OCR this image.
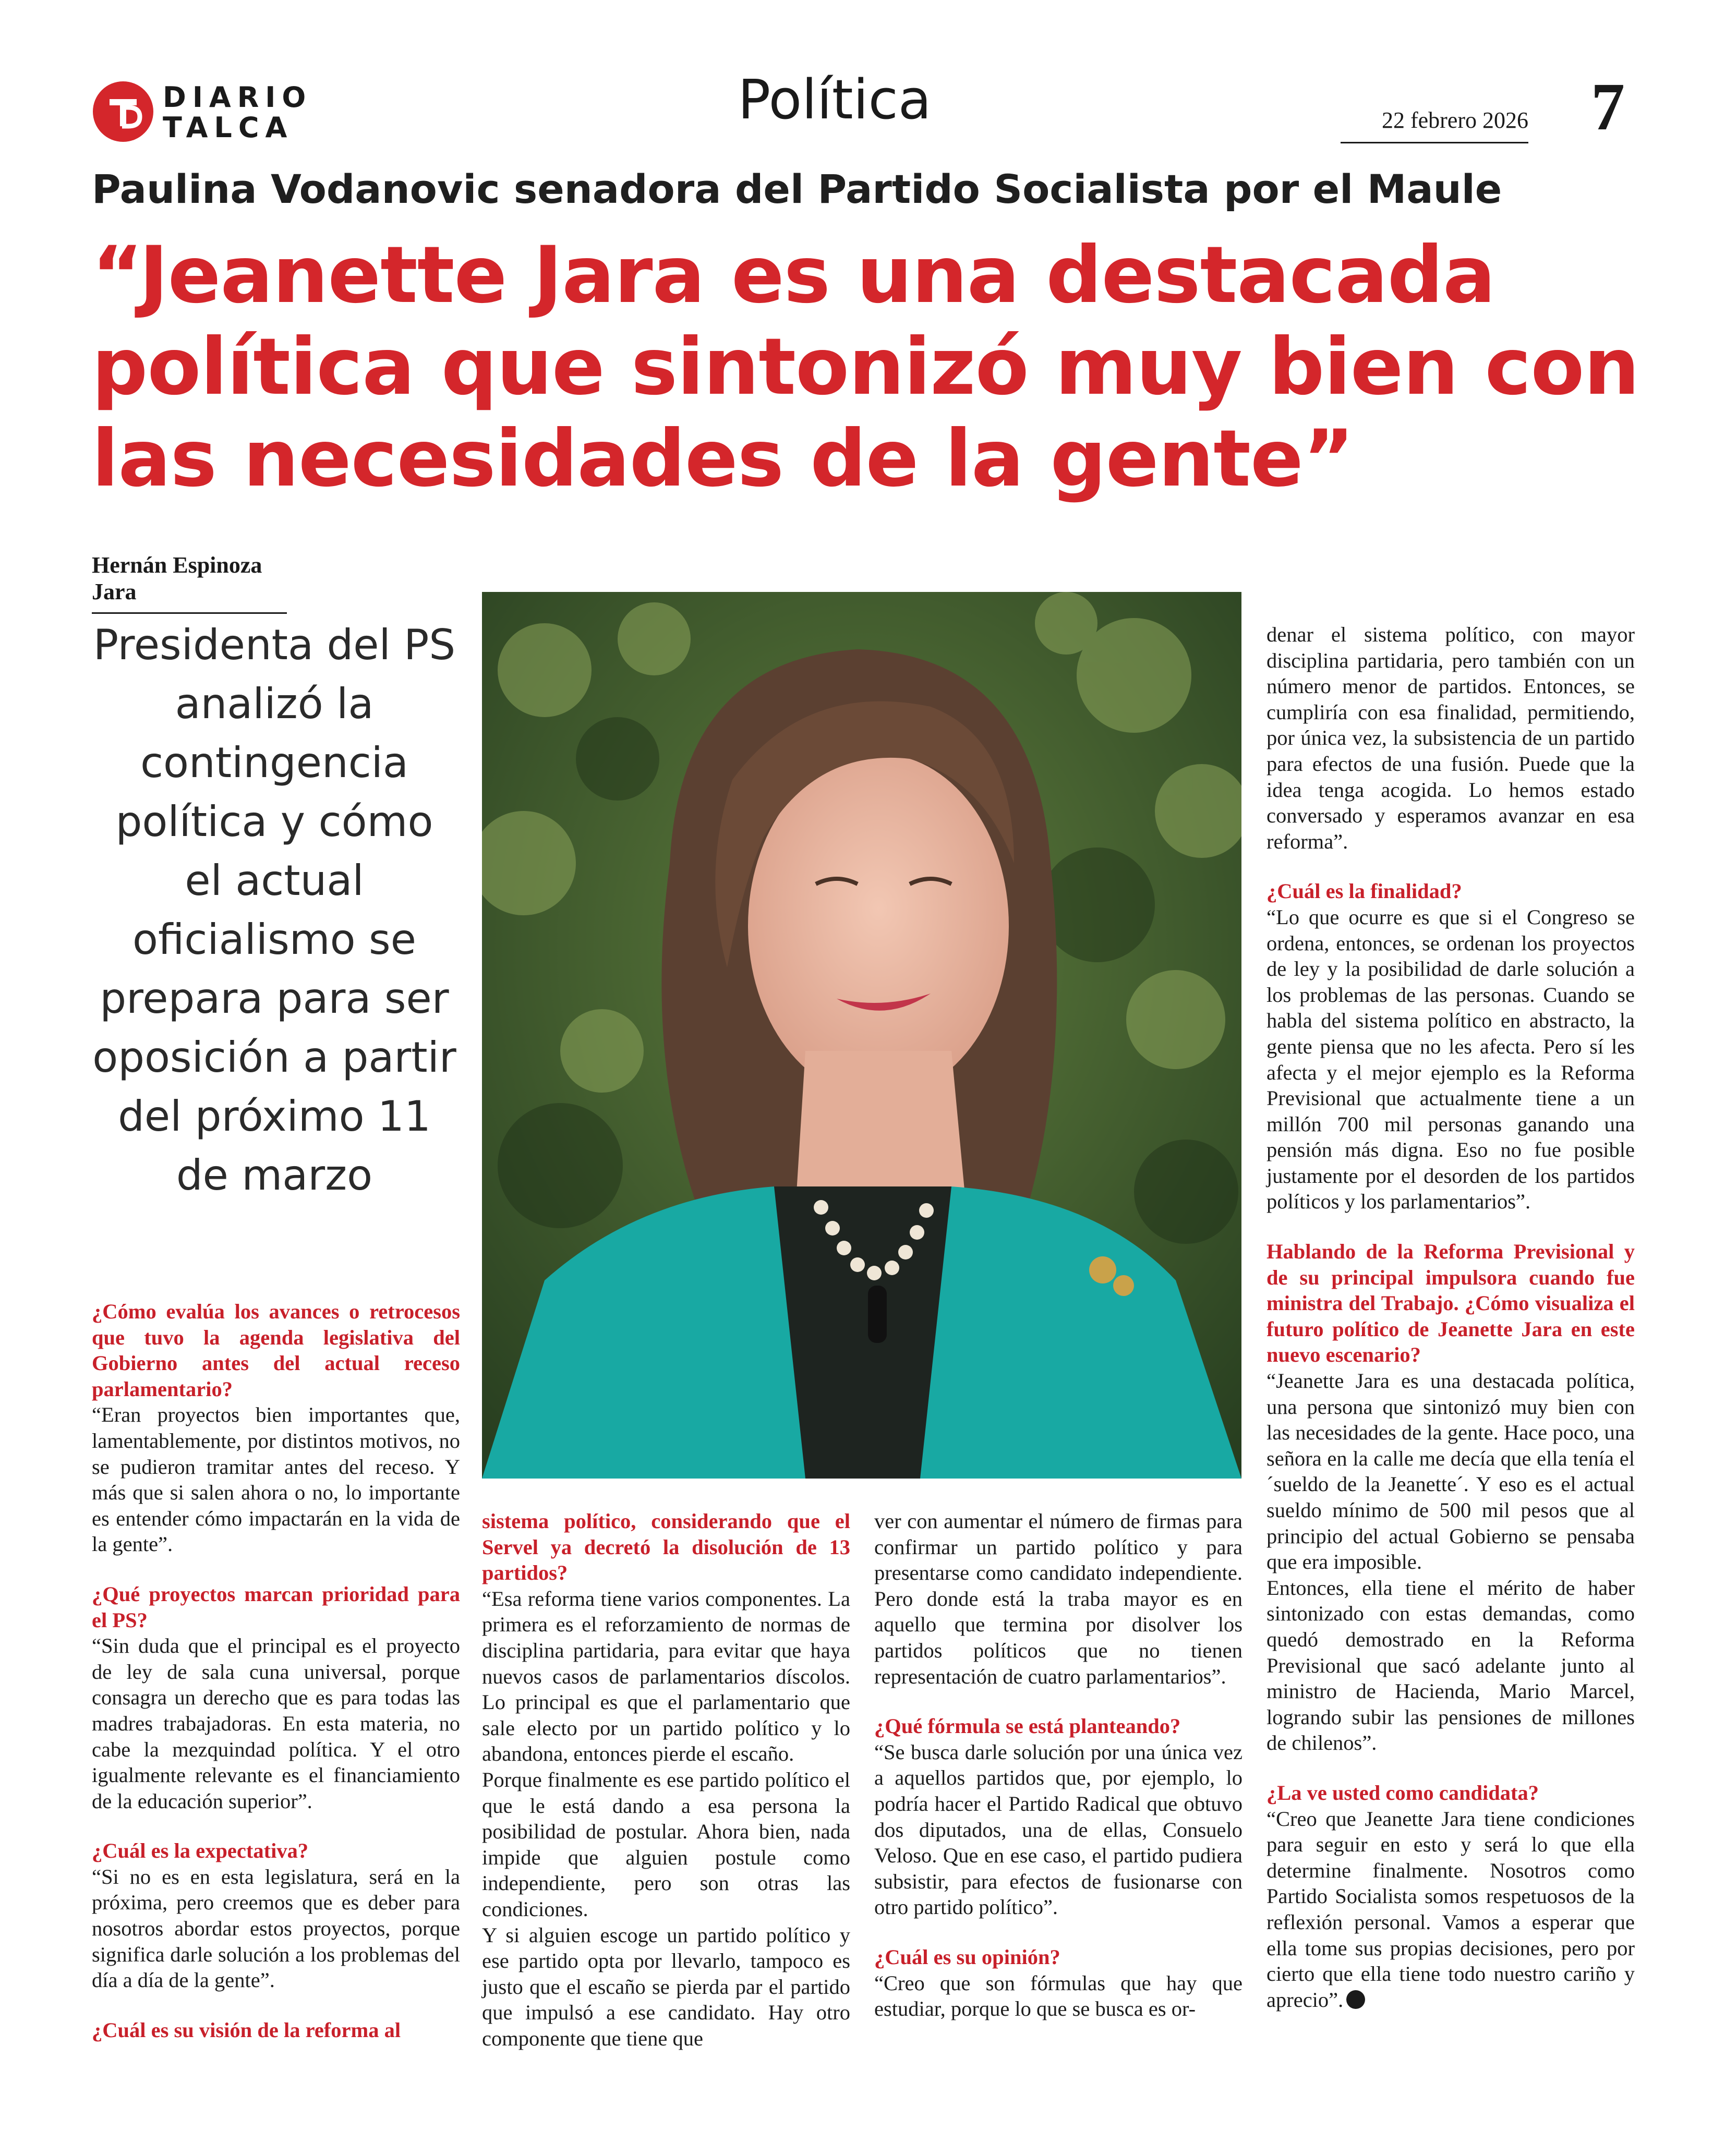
DIARIO
TALCA	Política	22 febrero 2026 7
Paulina Vodanovic senadora del Partido Socialista por el Maule
“Jeanette Jara es una destacada política que sintonizó muy bien con las necesidades de la gente”
Hernán Espinoza Jara
Presidenta del PS analizó la contingencia política y cómo el actual oficialismo se prepara para ser oposición a partir del próximo 11 de marzo

¿Cómo evalúa los avances o retrocesos que tuvo la agenda legislativa del Gobierno antes del actual receso parlamentario?

“Eran proyectos bien importantes que, lamentablemente, por distintos motivos, no se pudieron tramitar antes del receso. Y más que si salen ahora o no, lo importante es entender cómo impactarán en la vida de la gente”.

¿Qué proyectos marcan prioridad para el PS?

“Sin duda que el principal es el proyecto de ley de sala cuna universal, porque consagra un derecho que es para todas las madres trabajadoras. En esta materia, no cabe la mezquindad política. Y el otro igualmente relevante es el financiamiento de la educación superior”.

¿Cuál es la expectativa?

“Si no es en esta legislatura, será en la próxima, pero creemos que es deber para nosotros abordar estos proyectos, porque significa darle solución a los problemas del día a día de la gente”.

¿Cuál es su visión de la reforma al

sistema político, considerando que el Servel ya decretó la disolución de 13 partidos?

“Esa reforma tiene varios componentes. La primera es el reforzamiento de normas de disciplina partidaria, para evitar que haya nuevos casos de parlamentarios díscolos. Lo principal es que el parlamentario que sale electo por un partido político y lo abandona, entonces pierde el escaño.

Porque finalmente es ese partido político el que le está dando a esa persona la posibilidad de postular. Ahora bien, nada impide que alguien postule como independiente, pero son otras las condiciones.

Y si alguien escoge un partido político y ese partido opta por llevarlo, tampoco es justo que el escaño se pierda par el partido que impulsó a ese candidato. Hay otro componente que tiene que

ver con aumentar el número de firmas para confirmar un partido político y para presentarse como candidato independiente. Pero donde está la traba mayor es en aquello que termina por disolver los partidos políticos que no tienen representación de cuatro parlamentarios”.

¿Qué fórmula se está planteando?

“Se busca darle solución por una única vez a aquellos partidos que, por ejemplo, lo podría hacer el Partido Radical que obtuvo dos diputados, una de ellas, Consuelo Veloso. Que en ese caso, el partido pudiera subsistir, para efectos de fusionarse con otro partido político”.

¿Cuál es su opinión?

“Creo que son fórmulas que hay que estudiar, porque lo que se busca es or-

denar el sistema político, con mayor disciplina partidaria, pero también con un número menor de partidos. Entonces, se cumpliría con esa finalidad, permitiendo, por única vez, la subsistencia de un partido para efectos de una fusión. Puede que la idea tenga acogida. Lo hemos estado conversado y esperamos avanzar en esa reforma”.

¿Cuál es la finalidad?

“Lo que ocurre es que si el Congreso se ordena, entonces, se ordenan los proyectos de ley y la posibilidad de darle solución a los problemas de las personas. Cuando se habla del sistema político en abstracto, la gente piensa que no les afecta. Pero sí les afecta y el mejor ejemplo es la Reforma Previsional que actualmente tiene a un millón 700 mil personas ganando una pensión más digna. Eso no fue posible justamente por el desorden de los partidos políticos y los parlamentarios”.

Hablando de la Reforma Previsional y de su principal impulsora cuando fue ministra del Trabajo. ¿Cómo visualiza el futuro político de Jeanette Jara en este nuevo escenario?

“Jeanette Jara es una destacada política, una persona que sintonizó muy bien con las necesidades de la gente. Hace poco, una señora en la calle me decía que ella tenía el ´sueldo de la Jeanette´. Y eso es el actual sueldo mínimo de 500 mil pesos que al principio del actual Gobierno se pensaba que era imposible.

Entonces, ella tiene el mérito de haber sintonizado con estas demandas, como quedó demostrado en la Reforma Previsional que sacó adelante junto al ministro de Hacienda, Mario Marcel, logrando subir las pensiones de millones de chilenos”.

¿La ve usted como candidata?

“Creo que Jeanette Jara tiene condiciones para seguir en esto y será lo que ella determine finalmente. Nosotros como Partido Socialista somos respetuosos de la reflexión personal. Vamos a esperar que ella tome sus propias decisiones, pero por cierto que ella tiene todo nuestro cariño y aprecio”.
